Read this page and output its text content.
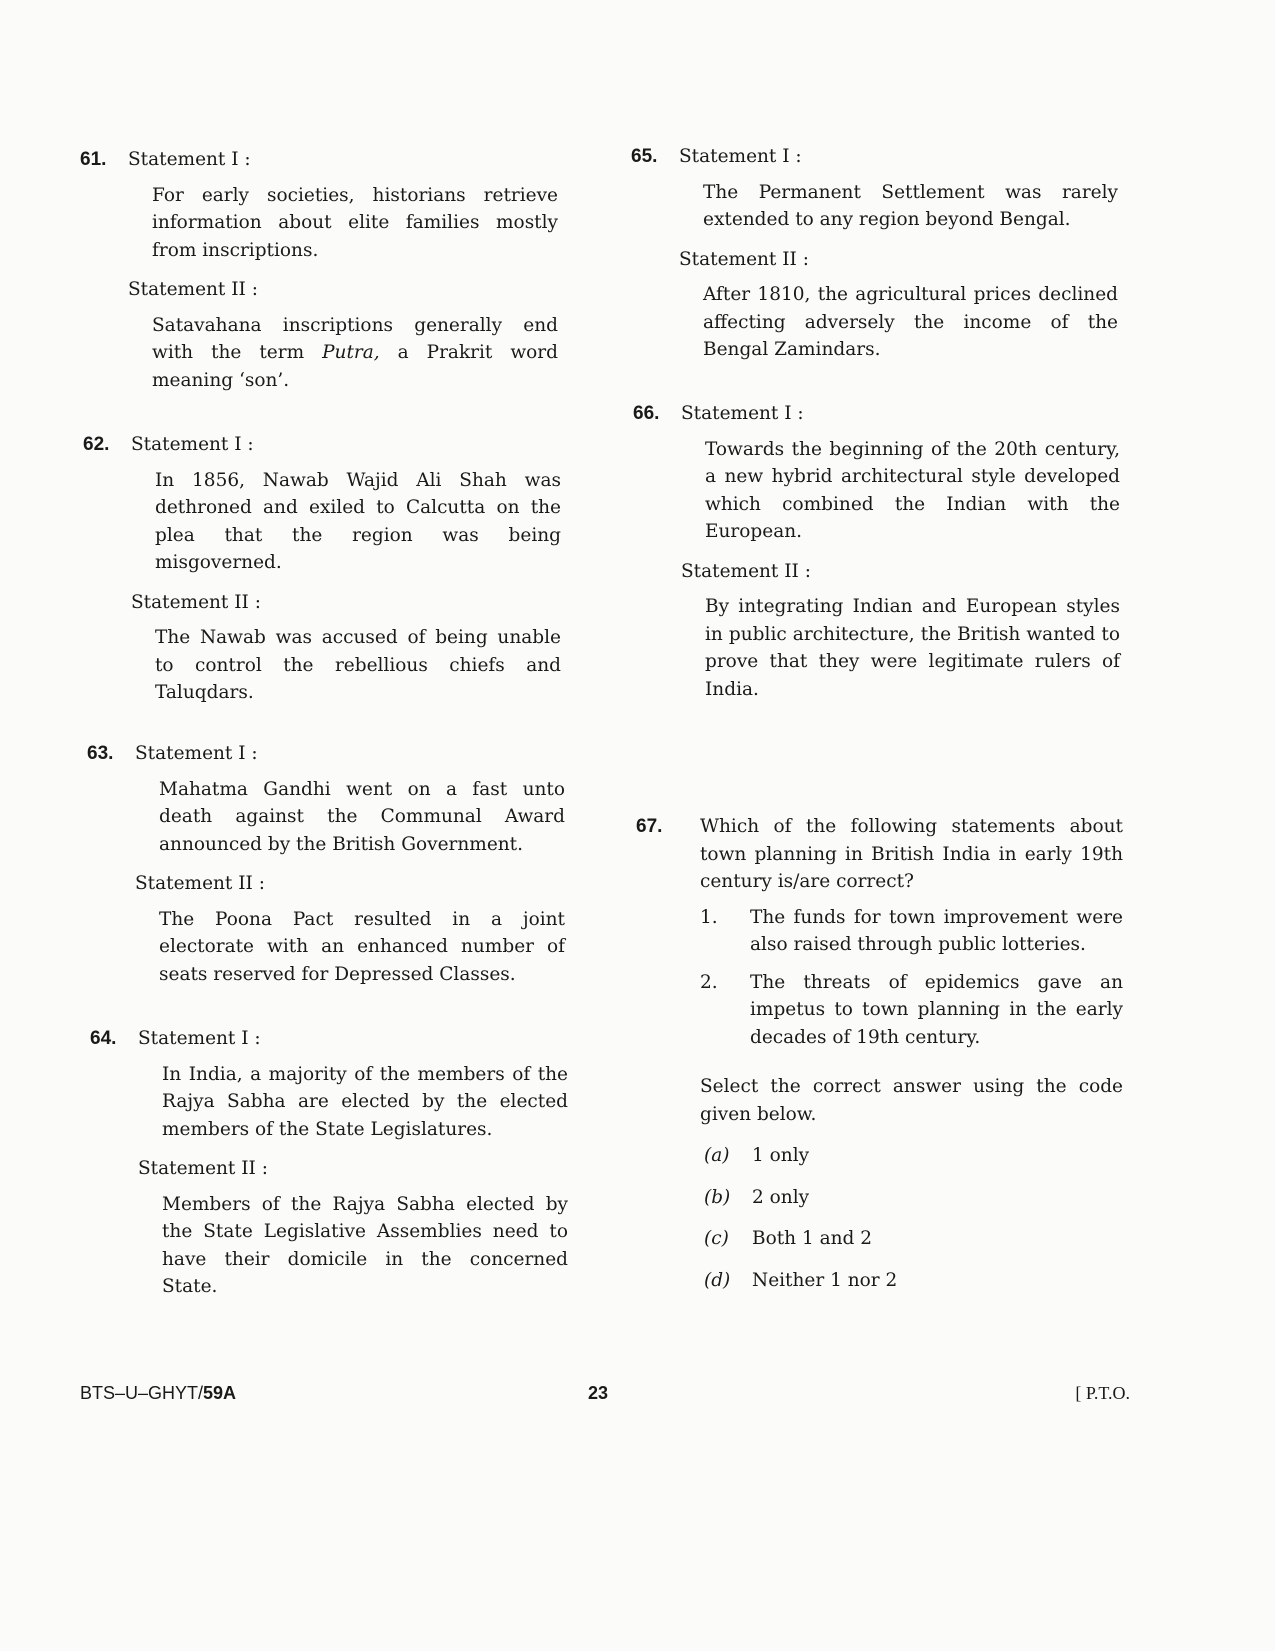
61. Statement I :
For early societies, historians retrieve information about elite families mostly from inscriptions.
Statement II :
Satavahana inscriptions generally end with the term Putra, a Prakrit word meaning ‘son’.
62. Statement I :
In 1856, Nawab Wajid Ali Shah was dethroned and exiled to Calcutta on the plea that the region was being misgoverned.
Statement II :
The Nawab was accused of being unable to control the rebellious chiefs and Taluqdars.
63. Statement I :
Mahatma Gandhi went on a fast unto death against the Communal Award announced by the British Government.
Statement II :
The Poona Pact resulted in a joint electorate with an enhanced number of seats reserved for Depressed Classes.
64. Statement I :
In India, a majority of the members of the Rajya Sabha are elected by the elected members of the State Legislatures.
Statement II :
Members of the Rajya Sabha elected by the State Legislative Assemblies need to have their domicile in the concerned State.
65. Statement I :
The Permanent Settlement was rarely extended to any region beyond Bengal.
Statement II :
After 1810, the agricultural prices declined affecting adversely the income of the Bengal Zamindars.
66. Statement I :
Towards the beginning of the 20th century, a new hybrid architectural style developed which combined the Indian with the European.
Statement II :
By integrating Indian and European styles in public architecture, the British wanted to prove that they were legitimate rulers of India.
67. Which of the following statements about town planning in British India in early 19th century is/are correct?
1. The funds for town improvement were also raised through public lotteries.
2. The threats of epidemics gave an impetus to town planning in the early decades of 19th century.
Select the correct answer using the code given below.
(a) 1 only
(b) 2 only
(c) Both 1 and 2
(d) Neither 1 nor 2
BTS–U–GHYT/59A	23	[ P.T.O.
